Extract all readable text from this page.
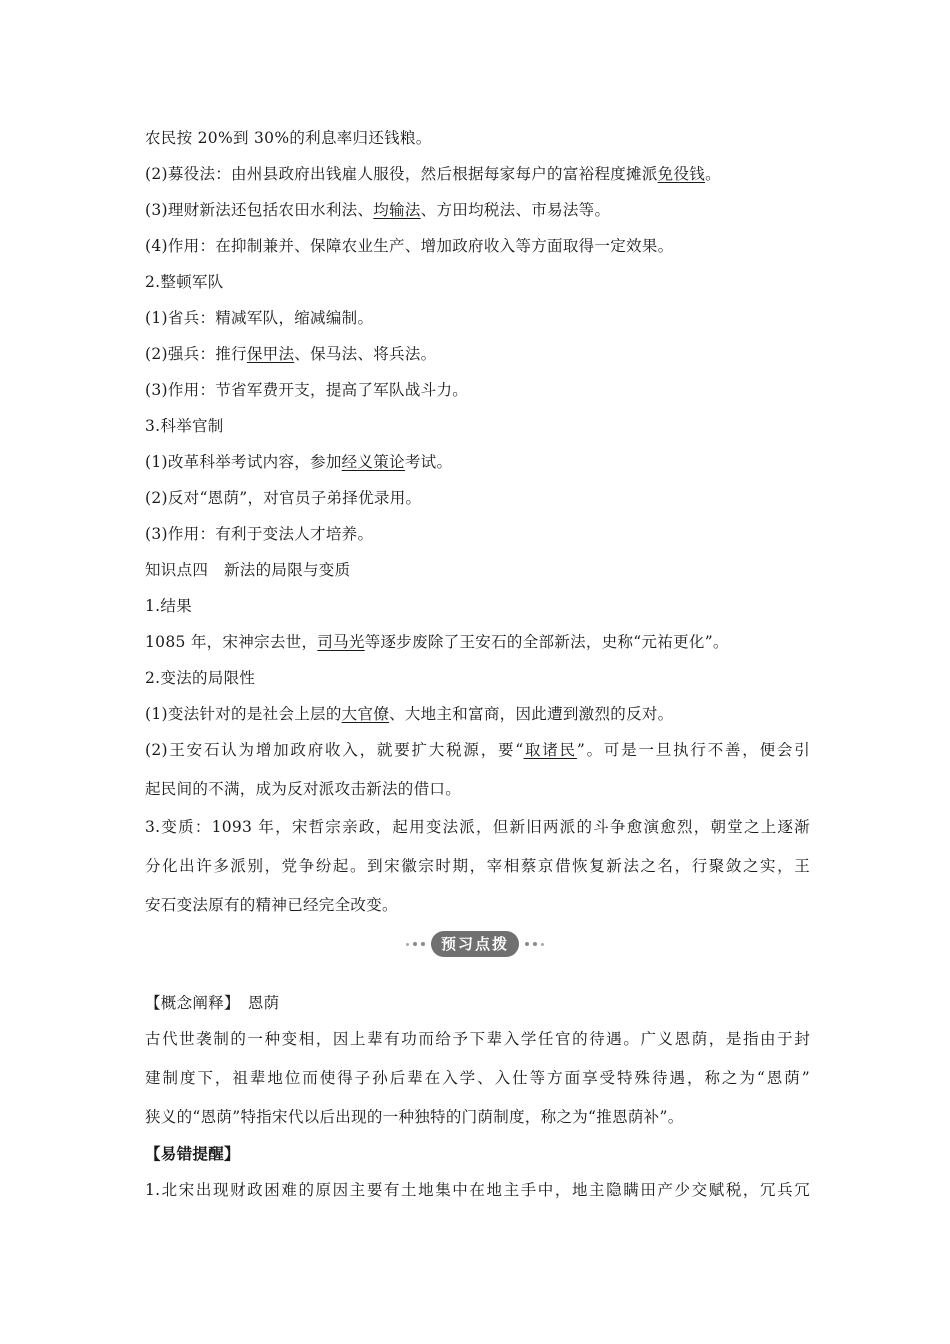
农民按 20%到 30%的利息率归还钱粮。
(2)募役法：由州县政府出钱雇人服役，然后根据每家每户的富裕程度摊派免役钱。
(3)理财新法还包括农田水利法、均输法、方田均税法、市易法等。
(4)作用：在抑制兼并、保障农业生产、增加政府收入等方面取得一定效果。
2.整顿军队
(1)省兵：精减军队，缩减编制。
(2)强兵：推行保甲法、保马法、将兵法。
(3)作用：节省军费开支，提高了军队战斗力。
3.科举官制
(1)改革科举考试内容，参加经义策论考试。
(2)反对“恩荫”，对官员子弟择优录用。
(3)作用：有利于变法人才培养。
知识点四　新法的局限与变质
1.结果
1085 年，宋神宗去世，司马光等逐步废除了王安石的全部新法，史称“元祐更化”。
2.变法的局限性
(1)变法针对的是社会上层的大官僚、大地主和富商，因此遭到激烈的反对。
(2)王安石认为增加政府收入，就要扩大税源，要“取诸民”。可是一旦执行不善，便会引
起民间的不满，成为反对派攻击新法的借口。
3.变质：1093 年，宋哲宗亲政，起用变法派，但新旧两派的斗争愈演愈烈，朝堂之上逐渐
分化出许多派别，党争纷起。到宋徽宗时期，宰相蔡京借恢复新法之名，行聚敛之实，王
安石变法原有的精神已经完全改变。
预习点拨
【概念阐释】　恩荫
古代世袭制的一种变相，因上辈有功而给予下辈入学任官的待遇。广义恩荫，是指由于封
建制度下，祖辈地位而使得子孙后辈在入学、入仕等方面享受特殊待遇，称之为“恩荫”
狭义的“恩荫”特指宋代以后出现的一种独特的门荫制度，称之为“推恩荫补”。
【易错提醒】
1.北宋出现财政困难的原因主要有土地集中在地主手中，地主隐瞒田产少交赋税，冗兵冗
